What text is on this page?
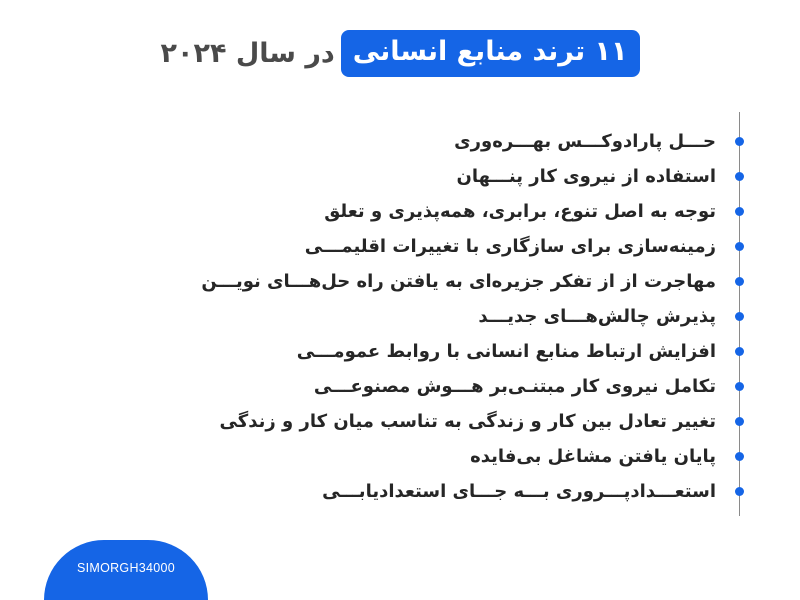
۱۱ ترند منابع انسانی
در سال ۲۰۲۴
حـــل پارادوکـــس بهـــره‌وری
استفاده از نیروی کار پنـــهان
توجه به اصل تنوع، برابری، همه‌پذیری و تعلق
زمینه‌سازی برای سازگاری با تغییرات اقلیمـــی
مهاجرت از از تفکر جزیره‌ای به یافتن راه حل‌هـــای نویـــن
پذیرش چالش‌هـــای جدیـــد
افزایش ارتباط منابع انسانی با روابط عمومـــی
تکامل نیروی کار مبتنـی‌بر هـــوش مصنوعـــی
تغییر تعادل بین کار و زندگی به تناسب میان کار و زندگی
پایان یافتن مشاغل بی‌فایده
استعـــدادپـــروری بـــه جـــای استعدادیابـــی
SIMORGH34000
